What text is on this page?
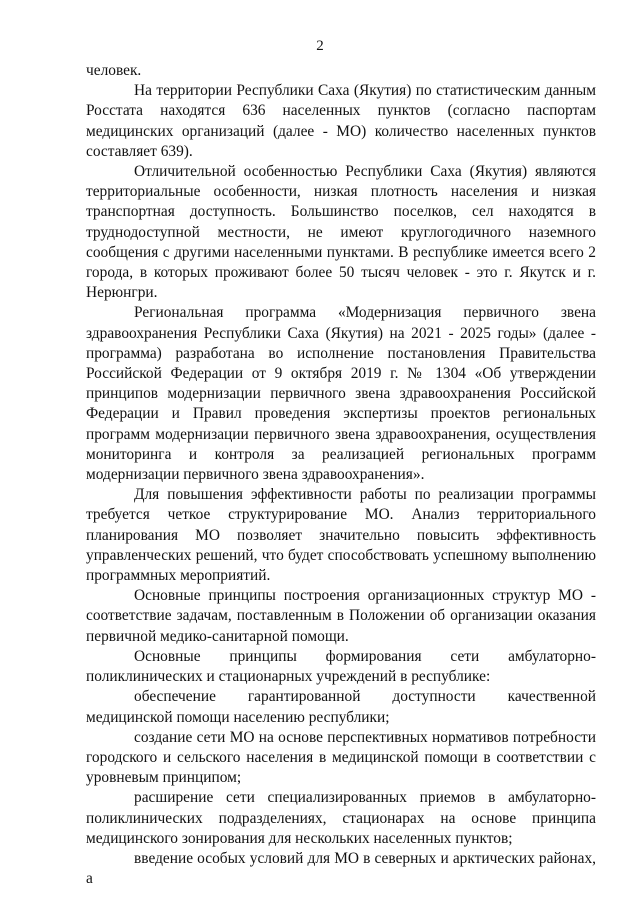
2

человек.

На территории Республики Саха (Якутия) по статистическим данным Росстата находятся 636 населенных пунктов (согласно паспортам медицинских организаций (далее - МО) количество населенных пунктов составляет 639).

Отличительной особенностью Республики Саха (Якутия) являются территориальные особенности, низкая плотность населения и низкая транспортная доступность. Большинство поселков, сел находятся в труднодоступной местности, не имеют круглогодичного наземного сообщения с другими населенными пунктами. В республике имеется всего 2 города, в которых проживают более 50 тысяч человек - это г. Якутск и г. Нерюнгри.

Региональная программа «Модернизация первичного звена здравоохранения Республики Саха (Якутия) на 2021 - 2025 годы» (далее - программа) разработана во исполнение постановления Правительства Российской Федерации от 9 октября 2019 г. № 1304 «Об утверждении принципов модернизации первичного звена здравоохранения Российской Федерации и Правил проведения экспертизы проектов региональных программ модернизации первичного звена здравоохранения, осуществления мониторинга и контроля за реализацией региональных программ модернизации первичного звена здравоохранения».

Для повышения эффективности работы по реализации программы требуется четкое структурирование МО. Анализ территориального планирования МО позволяет значительно повысить эффективность управленческих решений, что будет способствовать успешному выполнению программных мероприятий.

Основные принципы построения организационных структур МО - соответствие задачам, поставленным в Положении об организации оказания первичной медико-санитарной помощи.

Основные принципы формирования сети амбулаторно-поликлинических и стационарных учреждений в республике:

обеспечение гарантированной доступности качественной медицинской помощи населению республики;

создание сети МО на основе перспективных нормативов потребности городского и сельского населения в медицинской помощи в соответствии с уровневым принципом;

расширение сети специализированных приемов в амбулаторно-поликлинических подразделениях, стационарах на основе принципа медицинского зонирования для нескольких населенных пунктов;

введение особых условий для МО в северных и арктических районах, а
